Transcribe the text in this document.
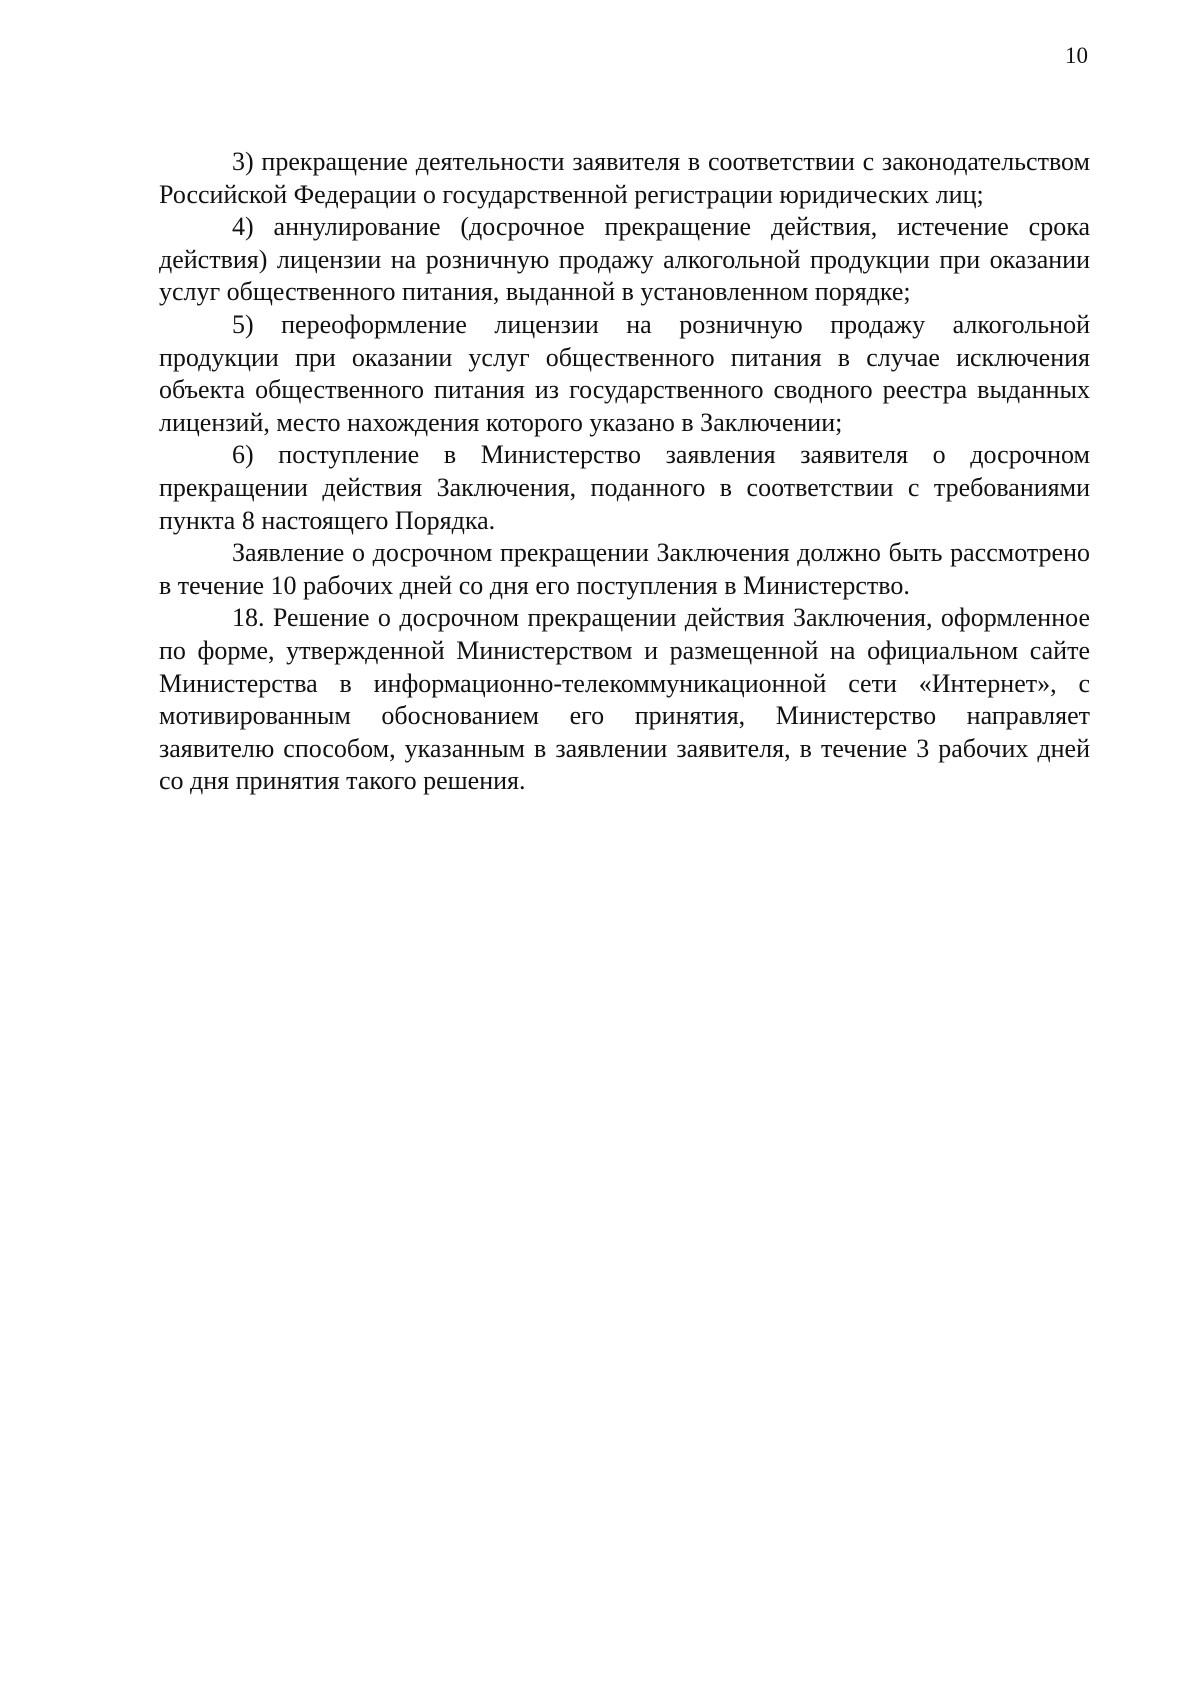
10

3) прекращение деятельности заявителя в соответствии с законодательством Российской Федерации о государственной регистрации юридических лиц;

4) аннулирование (досрочное прекращение действия, истечение срока действия) лицензии на розничную продажу алкогольной продукции при оказании услуг общественного питания, выданной в установленном порядке;

5) переоформление лицензии на розничную продажу алкогольной продукции при оказании услуг общественного питания в случае исключения объекта общественного питания из государственного сводного реестра выданных лицензий, место нахождения которого указано в Заключении;

6) поступление в Министерство заявления заявителя о досрочном прекращении действия Заключения, поданного в соответствии с требованиями пункта 8 настоящего Порядка.

Заявление о досрочном прекращении Заключения должно быть рассмотрено в течение 10 рабочих дней со дня его поступления в Министерство.

18. Решение о досрочном прекращении действия Заключения, оформленное по форме, утвержденной Министерством и размещенной на официальном сайте Министерства в информационно-телекоммуникационной сети «Интернет», с мотивированным обоснованием его принятия, Министерство направляет заявителю способом, указанным в заявлении заявителя, в течение 3 рабочих дней со дня принятия такого решения.
